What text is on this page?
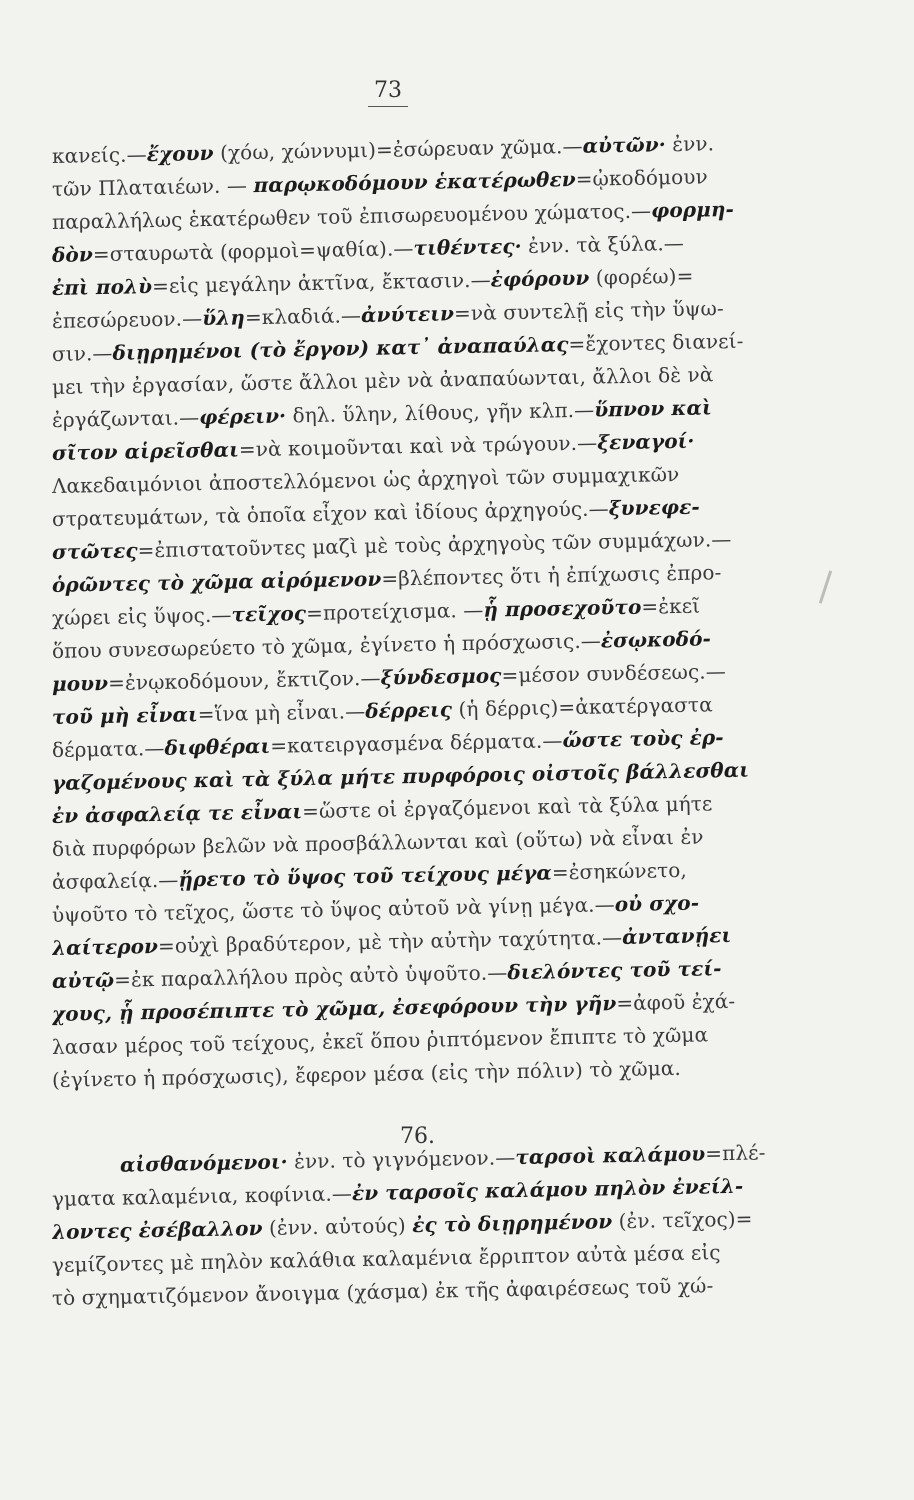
73
κανείς.—ἔχουν (χόω, χώννυμι)=ἐσώρευαν χῶμα.—αὐτῶν· ἐνν.
τῶν Πλαταιέων. — παρῳκοδόμουν ἑκατέρωθεν=ᾠκοδόμουν
παραλλήλως ἑκατέρωθεν τοῦ ἐπισωρευομένου χώματος.—φορμη-
δὸν=σταυρωτὰ (φορμοὶ=ψαθία).—τιθέντες· ἐνν. τὰ ξύλα.—
ἐπὶ πολὺ=εἰς μεγάλην ἀκτῖνα, ἔκτασιν.—ἐφόρουν (φορέω)=
ἐπεσώρευον.—ὕλη=κλαδιά.—ἀνύτειν=νὰ συντελῇ εἰς τὴν ὕψω-
σιν.—διῃρημένοι (τὸ ἔργον) κατ᾽ ἀναπαύλας=ἔχοντες διανεί-
μει τὴν ἐργασίαν, ὥστε ἄλλοι μὲν νὰ ἀναπαύωνται, ἄλλοι δὲ νὰ
ἐργάζωνται.—φέρειν· δηλ. ὕλην, λίθους, γῆν κλπ.—ὕπνον καὶ
σῖτον αἱρεῖσθαι=νὰ κοιμοῦνται καὶ νὰ τρώγουν.—ξεναγοί·
Λακεδαιμόνιοι ἀποστελλόμενοι ὡς ἀρχηγοὶ τῶν συμμαχικῶν
στρατευμάτων, τὰ ὁποῖα εἶχον καὶ ἰδίους ἀρχηγούς.—ξυνεφε-
στῶτες=ἐπιστατοῦντες μαζὶ μὲ τοὺς ἀρχηγοὺς τῶν συμμάχων.—
ὁρῶντες τὸ χῶμα αἰρόμενον=βλέποντες ὅτι ἡ ἐπίχωσις ἐπρο-
χώρει εἰς ὕψος.—τεῖχος=προτείχισμα. —ᾗ προσεχοῦτο=ἐκεῖ
ὅπου συνεσωρεύετο τὸ χῶμα, ἐγίνετο ἡ πρόσχωσις.—ἐσῳκοδό-
μουν=ἐνῳκοδόμουν, ἔκτιζον.—ξύνδεσμος=μέσον συνδέσεως.—
τοῦ μὴ εἶναι=ἵνα μὴ εἶναι.—δέρρεις (ἡ δέρρις)=ἀκατέργαστα
δέρματα.—διφθέραι=κατειργασμένα δέρματα.—ὥστε τοὺς ἐρ-
γαζομένους καὶ τὰ ξύλα μήτε πυρφόροις οἰστοῖς βάλλεσθαι
ἐν ἀσφαλείᾳ τε εἶναι=ὥστε οἱ ἐργαζόμενοι καὶ τὰ ξύλα μήτε
διὰ πυρφόρων βελῶν νὰ προσβάλλωνται καὶ (οὕτω) νὰ εἶναι ἐν
ἀσφαλείᾳ.—ᾔρετο τὸ ὕψος τοῦ τείχους μέγα=ἐσηκώνετο,
ὑψοῦτο τὸ τεῖχος, ὥστε τὸ ὕψος αὐτοῦ νὰ γίνῃ μέγα.—οὐ σχο-
λαίτερον=οὐχὶ βραδύτερον, μὲ τὴν αὐτὴν ταχύτητα.—ἀντανῄει
αὐτῷ=ἐκ παραλλήλου πρὸς αὐτὸ ὑψοῦτο.—διελόντες τοῦ τεί-
χους, ᾗ προσέπιπτε τὸ χῶμα, ἐσεφόρουν τὴν γῆν=ἀφοῦ ἐχά-
λασαν μέρος τοῦ τείχους, ἐκεῖ ὅπου ῥιπτόμενον ἔπιπτε τὸ χῶμα
(ἐγίνετο ἡ πρόσχωσις), ἔφερον μέσα (εἰς τὴν πόλιν) τὸ χῶμα.
76.
αἰσθανόμενοι· ἐνν. τὸ γιγνόμενον.—ταρσοὶ καλάμου=πλέ-
γματα καλαμένια, κοφίνια.—ἐν ταρσοῖς καλάμου πηλὸν ἐνείλ-
λοντες ἐσέβαλλον (ἐνν. αὐτούς) ἐς τὸ διῃρημένον (ἐν. τεῖχος)=
γεμίζοντες μὲ πηλὸν καλάθια καλαμένια ἔρριπτον αὐτὰ μέσα εἰς
τὸ σχηματιζόμενον ἄνοιγμα (χάσμα) ἐκ τῆς ἀφαιρέσεως τοῦ χώ-
